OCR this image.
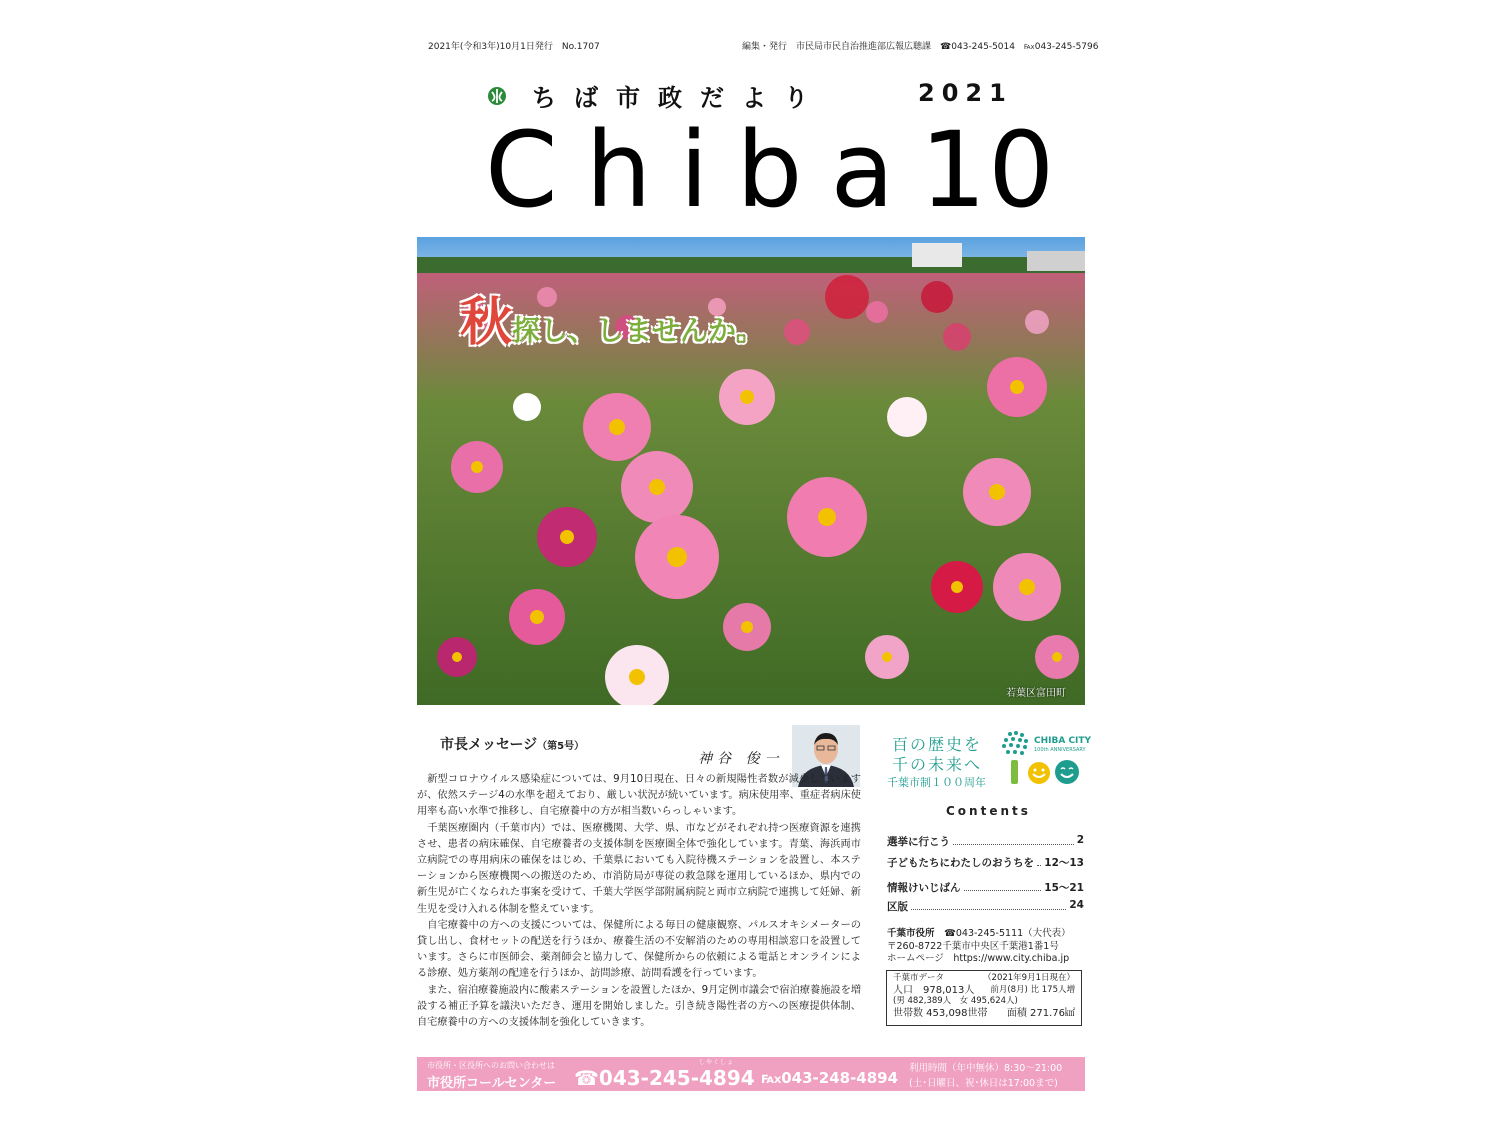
2021年(令和3年)10月1日発行　No.1707	編集・発行　市民局市民自治推進部広報広聴課　☎043-245-5014　℻043-245-5796
ちば市政だより	2021
Chiba
10
秋探し、しませんか。
若葉区富田町
市長メッセージ（第5号）
神谷 俊一

新型コロナウイルス感染症については、9月10日現在、日々の新規陽性者数が減少していますが、依然ステージ4の水準を超えており、厳しい状況が続いています。病床使用率、重症者病床使用率も高い水準で推移し、自宅療養中の方が相当数いらっしゃいます。

千葉医療圏内（千葉市内）では、医療機関、大学、県、市などがそれぞれ持つ医療資源を連携させ、患者の病床確保、自宅療養者の支援体制を医療圏全体で強化しています。青葉、海浜両市立病院での専用病床の確保をはじめ、千葉県においても入院待機ステーションを設置し、本ステーションから医療機関への搬送のため、市消防局が専従の救急隊を運用しているほか、県内での新生児が亡くなられた事案を受けて、千葉大学医学部附属病院と両市立病院で連携して妊婦、新生児を受け入れる体制を整えています。

自宅療養中の方への支援については、保健所による毎日の健康観察、パルスオキシメーターの貸し出し、食材セットの配送を行うほか、療養生活の不安解消のための専用相談窓口を設置しています。さらに市医師会、薬剤師会と協力して、保健所からの依頼による電話とオンラインによる診療、処方薬剤の配達を行うほか、訪問診療、訪問看護を行っています。

また、宿泊療養施設内に酸素ステーションを設置したほか、9月定例市議会で宿泊療養施設を増設する補正予算を議決いただき、運用を開始しました。引き続き陽性者の方への医療提供体制、自宅療養中の方への支援体制を強化していきます。

百の歴史を
千の未来へ
千葉市制１００周年
CHIBA CITY
100th ANNIVERSARY
Contents
選挙に行こう	2
子どもたちにわたしのおうちを 12〜13
情報けいじばん	15〜21
区版	24
千葉市役所　 ☎043-245-5111（大代表）
〒260-8722千葉市中央区千葉港1番1号
ホームページ　 https://www.city.chiba.jp
千葉市データ	（2021年9月1日現在）
人口　978,013人 前月(8月) 比 175人増
(男 482,389人　女 495,624人)
世帯数 453,098世帯 面積 271.76㎢
市役所・区役所へのお問い合わせは
市役所コールセンター
しやくしょ
☎043-245-4894 ℻043-248-4894
利用時間（年中無休）8:30〜21:00
(土･日曜日、祝･休日は17:00まで)
